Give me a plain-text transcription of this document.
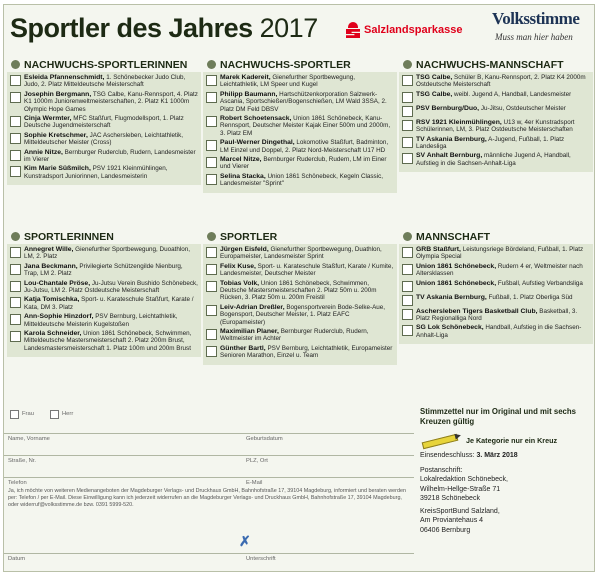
Sportler des Jahres 2017	Salzlandsparkasse
Volksstimme
Muss man hier haben
NACHWUCHS-SPORTLERINNEN
Esleida Pfannenschmidt, 1. Schönebecker Judo Club, Judo, 2. Platz Mitteldeutsche Meisterschaft
Josephin Bergmann, TSG Calbe, Kanu-Rennsport, 4. Platz K1 1000m Juniorenweltmeisterschaften, 2. Platz K1 1000m Olympic Hope Games
Cinja Wermter, MFC Staßfurt, Flugmodellsport, 1. Platz Deutsche Jugendmeisterschaft
Sophie Kretschmer, JAC Aschersleben, Leichtathletik, Mitteldeutscher Meister (Cross)
Annie Nitze, Bernburger Ruderclub, Rudern, Landesmeister im Vierer
Kim Marie Süßmilch, PSV 1921 Kleinmühlingen, Kunstradsport Juniorinnen, Landesmeisterin
NACHWUCHS-SPORTLER
Marek Kadereit, Gienefurther Sportbewegung, Leichtathletik, LM Speer und Kugel
Philipp Baumann, Hartschützenkorporation Salzwerk-Ascania, Sportschießen/Bogenschießen, LM Wald 3SSA, 2. Platz DM Feld DBSV
Robert Schoetensack, Union 1861 Schönebeck, Kanu-Rennsport, Deutscher Meister Kajak Einer 500m und 2000m, 3. Platz EM
Paul-Werner Dingethal, Lokomotive Staßfurt, Badminton, LM Einzel und Doppel, 2. Platz Nord-Meisterschaft U17 HD
Marcel Nitze, Bernburger Ruderclub, Rudern, LM im Einer und Vierer
Selina Stacka, Union 1861 Schönebeck, Kegeln Classic, Landesmeister "Sprint"
NACHWUCHS-MANNSCHAFT
TSG Calbe, Schüler B, Kanu-Rennsport, 2. Platz K4 2000m Ostdeutsche Meisterschaft
TSG Calbe, weibl. Jugend A, Handball, Landesmeister
PSV Bernburg/Duo, Ju-Jitsu, Ostdeutscher Meister
RSV 1921 Kleinmühlingen, U13 w, 4er Kunstradsport Schülerinnen, LM, 3. Platz Ostdeutsche Meisterschaften
TV Askania Bernburg, A-Jugend, Fußball, 1. Platz Landesliga
SV Anhalt Bernburg, männliche Jugend A, Handball, Aufstieg in die Sachsen-Anhalt-Liga
SPORTLERINNEN
Annegret Wille, Gienefurther Sportbewegung, Duoathlon, LM, 2. Platz
Jana Beckmann, Privilegierte Schützengilde Nienburg, Trap, LM 2. Platz
Lou-Chantale Pröse, Ju-Jutsu Verein Bushido Schönebeck, Ju-Jutsu, LM 2. Platz Ostdeutsche Meisterschaft
Katja Tomischka, Sport- u. Karateschule Staßfurt, Karate / Kata, DM 3. Platz
Ann-Sophie Hinzdorf, PSV Bernburg, Leichtathletik, Mitteldeutsche Meisterin Kugelstoßen
Karola Schneider, Union 1861 Schönebeck, Schwimmen, Mitteldeutsche Mastersmeisterschaft 2. Platz 200m Brust, Landesmastersmeisterschaft 1. Platz 100m und 200m Brust
SPORTLER
Jürgen Eisfeld, Gienefurther Sportbewegung, Duathlon, Europameister, Landesmeister Sprint
Felix Kuse, Sport- u. Karateschule Staßfurt, Karate / Kumite, Landesmeister, Deutscher Meister
Tobias Volk, Union 1861 Schönebeck, Schwimmen, Deutsche Mastersmeisterschaften 2. Platz 50m u. 200m Rücken, 3. Platz 50m u. 200m Freistil
Leiv-Adrian Dreßler, Bogensportverein Bode-Selke-Aue, Bogensport, Deutscher Meister, 1. Platz EAFC (Europameister)
Maximilian Planer, Bernburger Ruderclub, Rudern, Weltmeister im Achter
Günther Bartl, PSV Bernburg, Leichtathletik, Europameister Senioren Marathon, Einzel u. Team
MANNSCHAFT
GRB Staßfurt, Leistungsriege Bördeland, Fußball, 1. Platz Olympia Special
Union 1861 Schönebeck, Rudern 4 er, Weltmeister nach Altersklassen
Union 1861 Schönebeck, Fußball, Aufstieg Verbandsliga
TV Askania Bernburg, Fußball, 1. Platz Oberliga Süd
Aschersleben Tigers Basketball Club, Basketball, 3. Platz Regionalliga Nord
SG Lok Schönebeck, Handball, Aufstieg in die Sachsen-Anhalt-Liga
Frau	Herr
Name, Vorname	Geburtsdatum
Straße, Nr.	PLZ, Ort
Telefon	E-Mail
Ja, ich möchte von weiteren Medienangeboten der Magdeburger Verlags- und Druckhaus GmbH, Bahnhofstraße 17, 39104 Magdeburg, informiert und beraten werden per: Telefon / per E-Mail. Diese Einwilligung kann ich jederzeit widerrufen an die Magdeburger Verlags- und Druckhaus GmbH, Bahnhofstraße 17, 39104 Magdeburg, oder widerruf@volksstimme.de bzw. 0391 5999-520.
✗
Datum	Unterschrift
Stimmzettel nur im Original und mit sechs Kreuzen gültig
Je Kategorie nur ein Kreuz
Einsendeschluss: 3. März 2018
Postanschrift:
Lokalredaktion Schönebeck,
Wilhelm-Hellge-Straße 71
39218 Schönebeck
KreisSportBund Salzland,
Am Proviantehaus 4
06406 Bernburg
